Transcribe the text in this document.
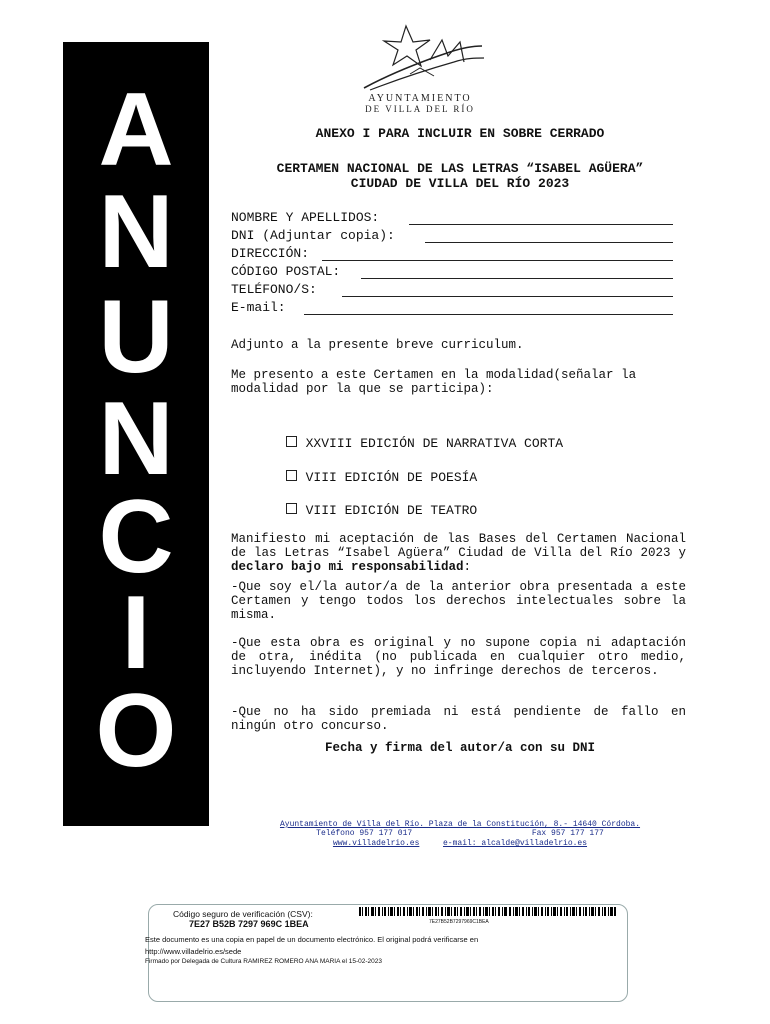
A
N
U
N
C
I
O
AYUNTAMIENTO
DE VILLA DEL RÍO
ANEXO I PARA INCLUIR EN SOBRE CERRADO
CERTAMEN NACIONAL DE LAS LETRAS “ISABEL AGÜERA”
CIUDAD DE VILLA DEL RÍO 2023
NOMBRE Y APELLIDOS:
DNI (Adjuntar copia):
DIRECCIÓN:
CÓDIGO POSTAL:
TELÉFONO/S:
E-mail:
Adjunto a la presente breve curriculum.
Me presento a este Certamen en la modalidad(señalar la modalidad por la que se participa):

XXVIII EDICIÓN DE NARRATIVA CORTA

VIII EDICIÓN DE POESÍA

VIII EDICIÓN DE TEATRO

Manifiesto mi aceptación de las Bases del Certamen Nacional de las Letras “Isabel Agüera” Ciudad de Villa del Río 2023 y declaro bajo mi responsabilidad:
-Que soy el/la autor/a de la anterior obra presentada a este Certamen y tengo todos los derechos intelectuales sobre la misma.
-Que esta obra es original y no supone copia ni adaptación de otra, inédita (no publicada en cualquier otro medio, incluyendo Internet), y no infringe derechos de terceros.
-Que no ha sido premiada ni está pendiente de fallo en ningún otro concurso.
Fecha y firma del autor/a con su DNI
Ayuntamiento de Villa del Río. Plaza de la Constitución, 8.- 14640 Córdoba.
Teléfono 957 177 017	Fax 957 177 177
www.villadelrio.es	e-mail: alcalde@villadelrio.es
Código seguro de verificación (CSV):
7E27 B52B 7297 969C 1BEA	7E27B52B7297969C1BEA
Este documento es una copia en papel de un documento electrónico. El original podrá verificarse en
http://www.villadelrio.es/sede
Firmado por Delegada de Cultura RAMIREZ ROMERO ANA MARIA el 15-02-2023
